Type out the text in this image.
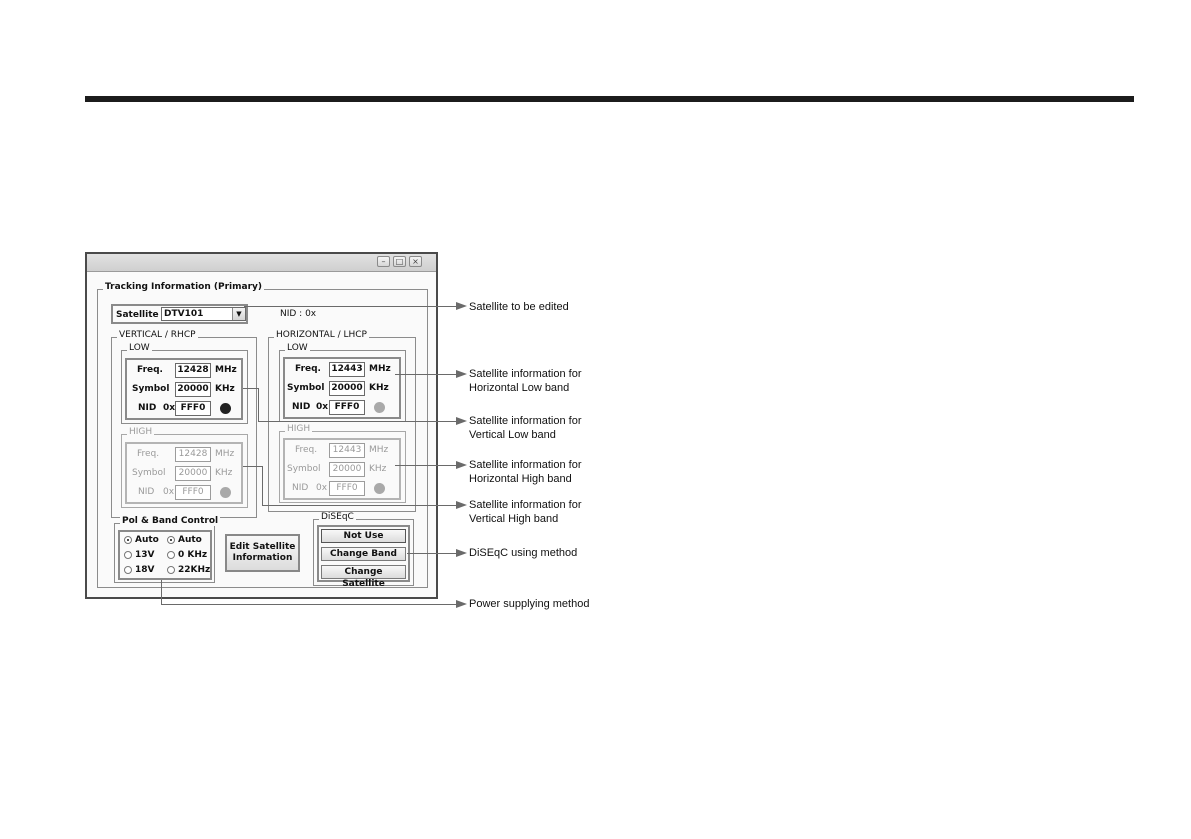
–	□	×
Tracking Information (Primary)
Satellite DTV101	▼	NID : 0x
VERTICAL / RHCP
LOW
Freq. 12428 MHz
Symbol 20000 KHz
NID 0x FFF0
HIGH
Freq.	12428 MHz
Symbol	20000 KHz
NID 0x FFF0
HORIZONTAL / LHCP
LOW
Freq. 12443 MHz
Symbol 20000 KHz
NID 0x FFF0
HIGH
Freq.	12443 MHz
Symbol	20000 KHz
NID 0x	FFF0
Pol & Band Control
Auto
13V
18V
Auto
0 KHz
22KHz
Edit Satellite
Information
DiSEqC
Not Use
Change Band
Change Satellite
Satellite to be edited
Satellite information for
Horizontal Low band
Satellite information for
Vertical Low band
Satellite information for
Horizontal High band
Satellite information for
Vertical High band
DiSEqC using method
Power supplying method
